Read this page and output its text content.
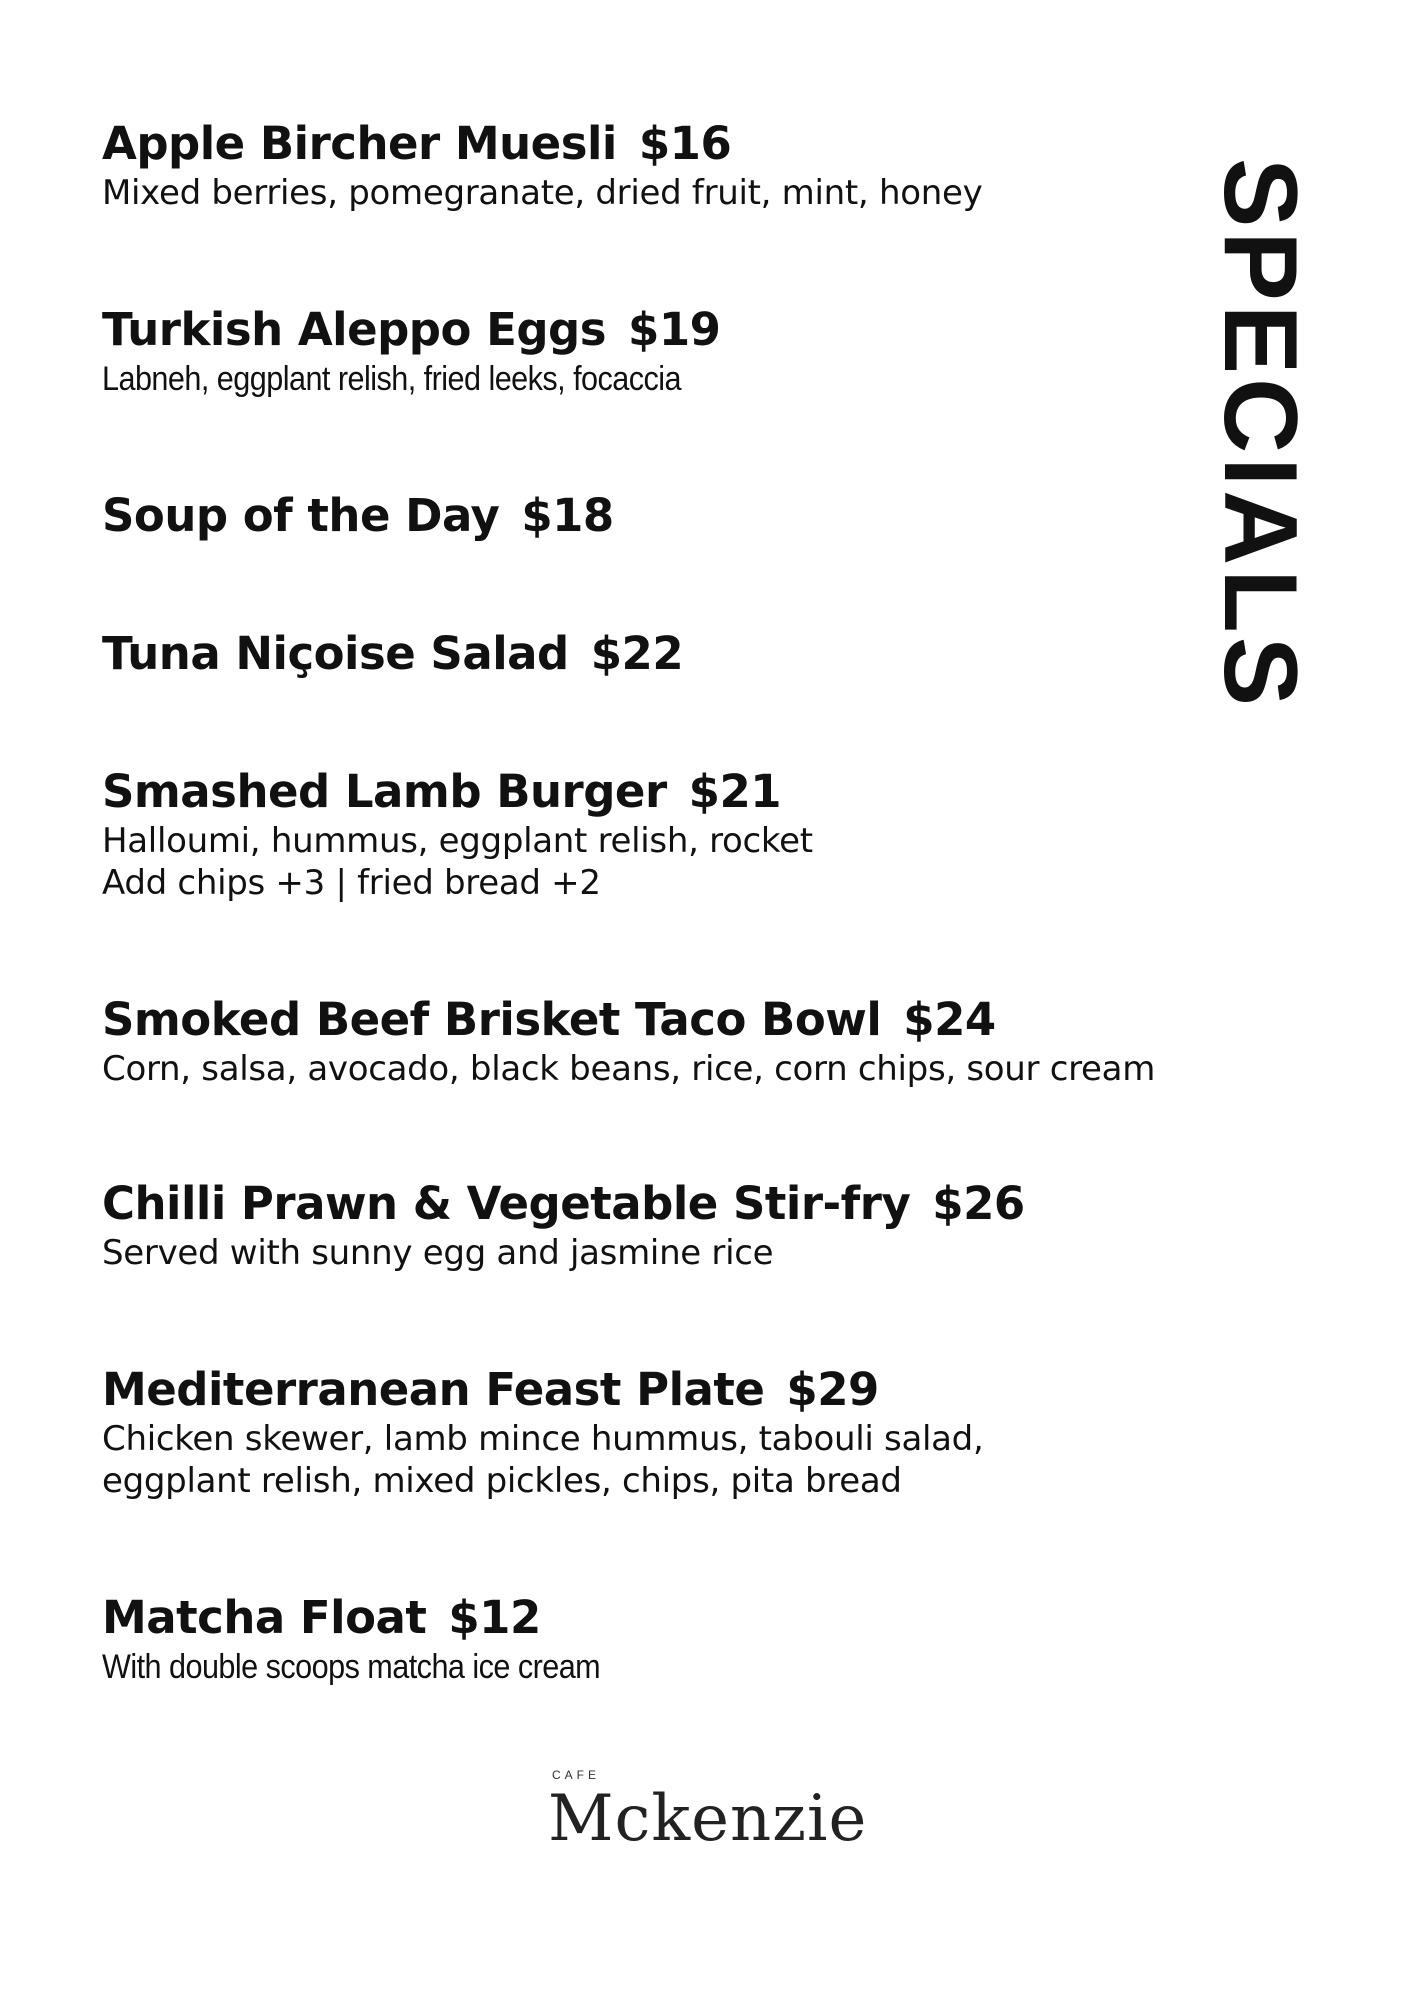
Apple Bircher Muesli $16
Mixed berries, pomegranate, dried fruit, mint, honey
Turkish Aleppo Eggs $19
Labneh, eggplant relish, fried leeks, focaccia
Soup of the Day $18
Tuna Niçoise Salad $22
Smashed Lamb Burger $21
Halloumi, hummus, eggplant relish, rocket
Add chips +3 | fried bread +2
Smoked Beef Brisket Taco Bowl $24
Corn, salsa, avocado, black beans, rice, corn chips, sour cream
Chilli Prawn & Vegetable Stir-fry $26
Served with sunny egg and jasmine rice
Mediterranean Feast Plate $29
Chicken skewer, lamb mince hummus, tabouli salad,
eggplant relish, mixed pickles, chips, pita bread
Matcha Float $12
With double scoops matcha ice cream
SPECIALS
CAFE
Mckenzie
